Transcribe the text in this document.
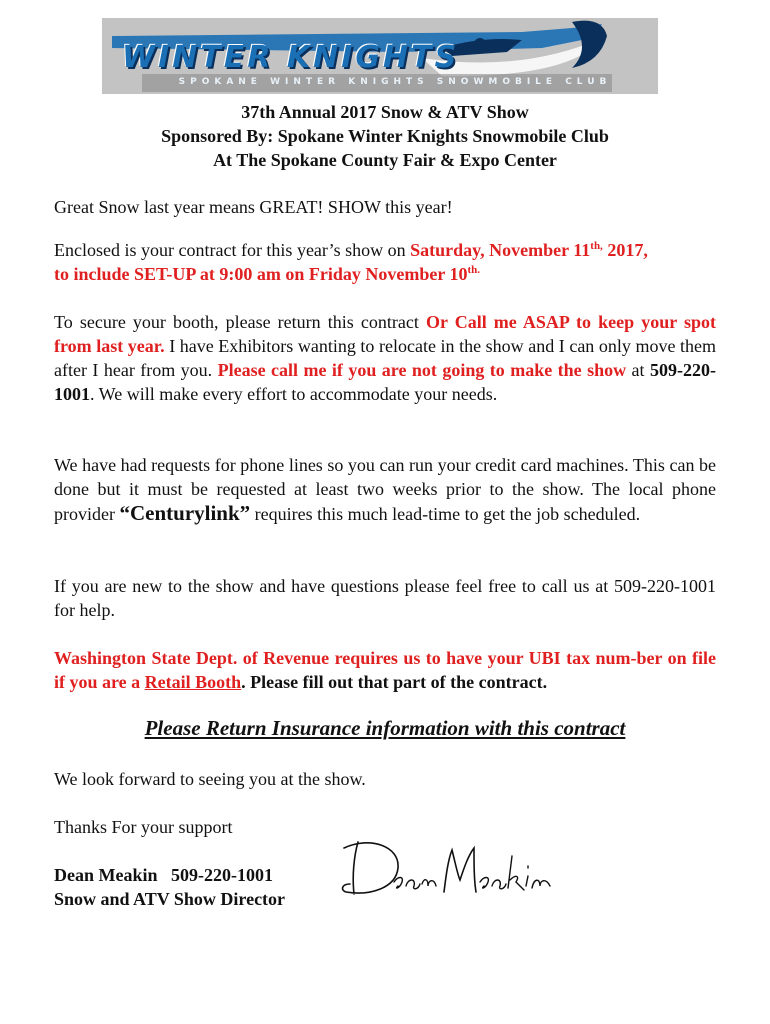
WINTER KNIGHTS
SPOKANE WINTER KNIGHTS SNOWMOBILE CLUB
37th Annual 2017 Snow & ATV Show
Sponsored By: Spokane Winter Knights Snowmobile Club
At The Spokane County Fair & Expo Center
Great Snow last year means GREAT! SHOW this year!
Enclosed is your contract for this year’s show on Saturday, November $11^{th,}$ 2017,
to include SET-UP at 9:00 am on Friday November $10^{th.}$
To secure your booth, please return this contract Or Call me ASAP to keep your spot from last year. I have Exhibitors wanting to relocate in the show and I can only move them after I hear from you. Please call me if you are not going to make the show at 509-220-1001. We will make every effort to accommodate your needs.
We have had requests for phone lines so you can run your credit card machines. This can be done but it must be requested at least two weeks prior to the show. The local phone provider “Centurylink” requires this much lead-time to get the job scheduled.
If you are new to the show and have questions please feel free to call us at 509-220-1001 for help.
Washington State Dept. of Revenue requires us to have your UBI tax num-ber on file if you are a Retail Booth. Please fill out that part of the contract.
Please Return Insurance information with this contract
We look forward to seeing you at the show.
Thanks For your support
Dean Meakin 509-220-1001
Snow and ATV Show Director
